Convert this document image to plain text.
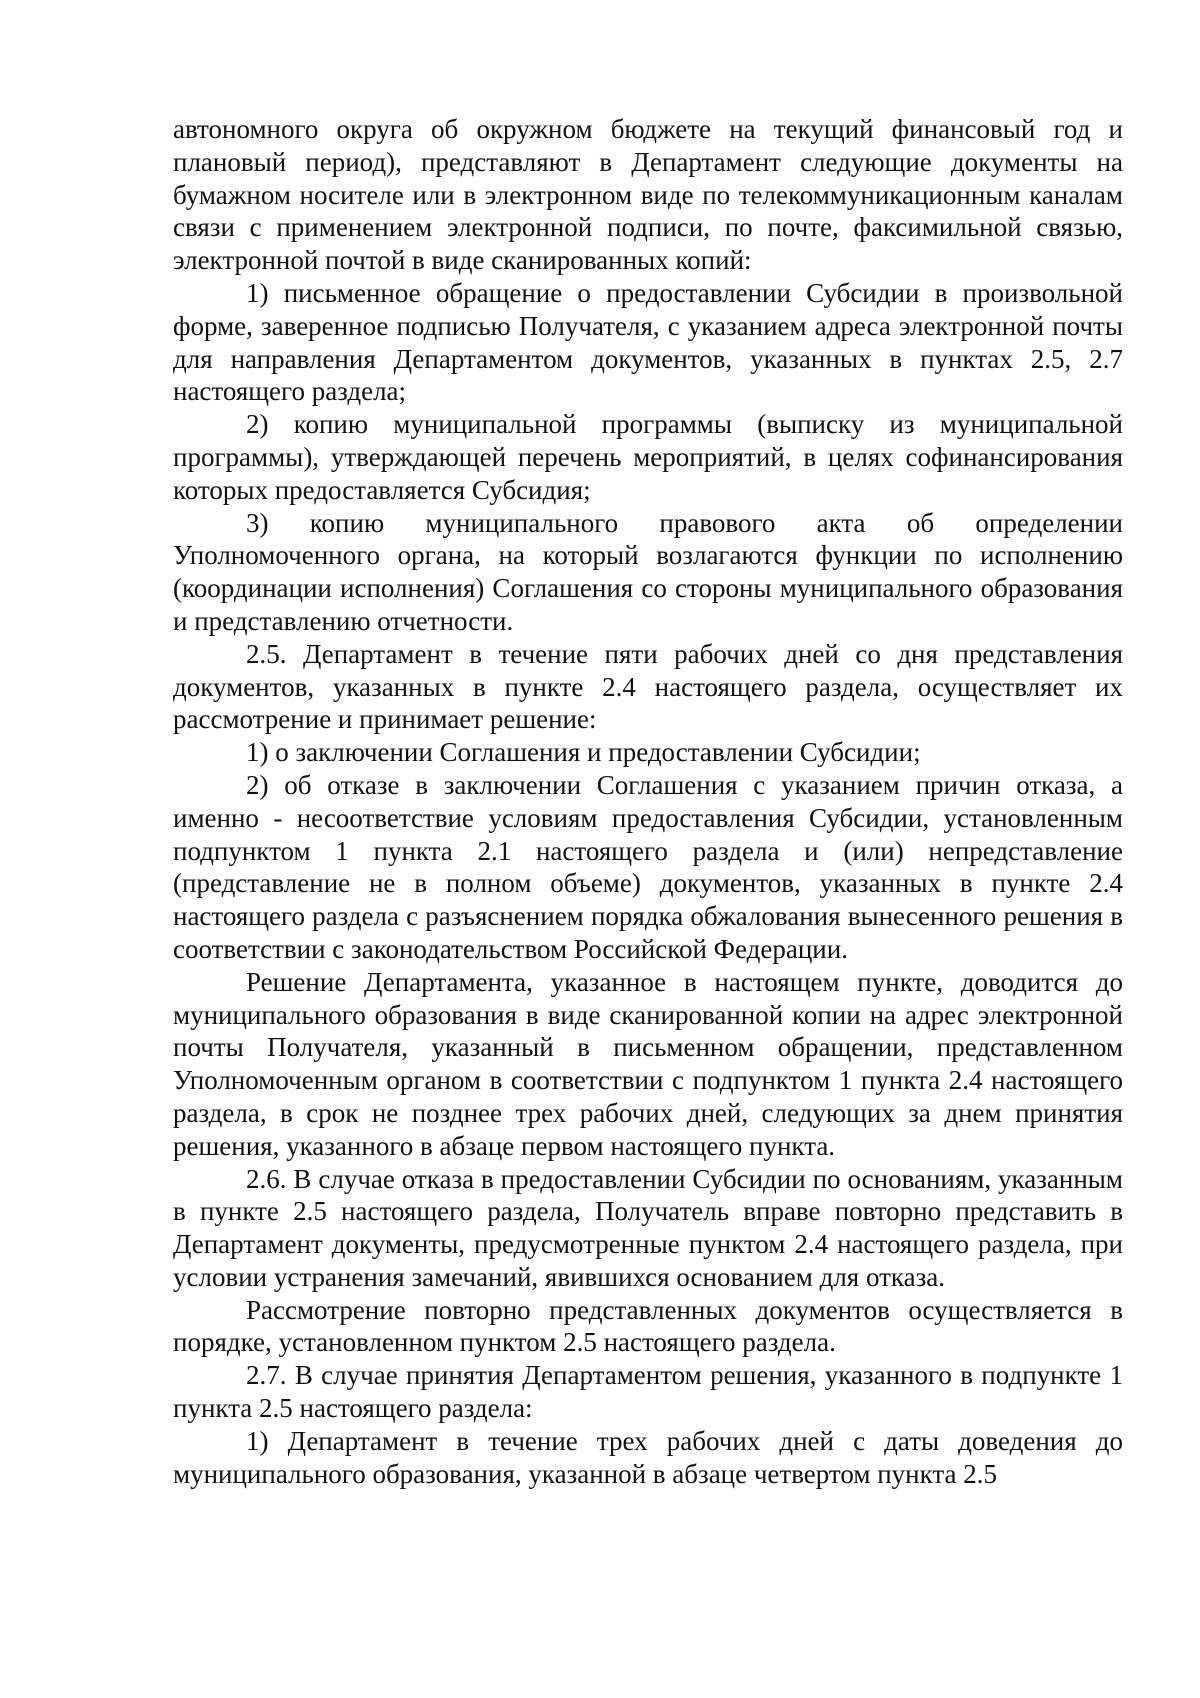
автономного округа об окружном бюджете на текущий финансовый год и плановый период), представляют в Департамент следующие документы на бумажном носителе или в электронном виде по телекоммуникационным каналам связи с применением электронной подписи, по почте, факсимильной связью, электронной почтой в виде сканированных копий:

1) письменное обращение о предоставлении Субсидии в произвольной форме, заверенное подписью Получателя, с указанием адреса электронной почты для направления Департаментом документов, указанных в пунктах 2.5, 2.7 настоящего раздела;

2) копию муниципальной программы (выписку из муниципальной программы), утверждающей перечень мероприятий, в целях софинансирования которых предоставляется Субсидия;

3) копию муниципального правового акта об определении Уполномоченного органа, на который возлагаются функции по исполнению (координации исполнения) Соглашения со стороны муниципального образования и представлению отчетности.

2.5. Департамент в течение пяти рабочих дней со дня представления документов, указанных в пункте 2.4 настоящего раздела, осуществляет их рассмотрение и принимает решение:

1) о заключении Соглашения и предоставлении Субсидии;

2) об отказе в заключении Соглашения с указанием причин отказа, а именно - несоответствие условиям предоставления Субсидии, установленным подпунктом 1 пункта 2.1 настоящего раздела и (или) непредставление (представление не в полном объеме) документов, указанных в пункте 2.4 настоящего раздела с разъяснением порядка обжалования вынесенного решения в соответствии с законодательством Российской Федерации.

Решение Департамента, указанное в настоящем пункте, доводится до муниципального образования в виде сканированной копии на адрес электронной почты Получателя, указанный в письменном обращении, представленном Уполномоченным органом в соответствии с подпунктом 1 пункта 2.4 настоящего раздела, в срок не позднее трех рабочих дней, следующих за днем принятия решения, указанного в абзаце первом настоящего пункта.

2.6. В случае отказа в предоставлении Субсидии по основаниям, указанным в пункте 2.5 настоящего раздела, Получатель вправе повторно представить в Департамент документы, предусмотренные пунктом 2.4 настоящего раздела, при условии устранения замечаний, явившихся основанием для отказа.

Рассмотрение повторно представленных документов осуществляется в порядке, установленном пунктом 2.5 настоящего раздела.

2.7. В случае принятия Департаментом решения, указанного в подпункте 1 пункта 2.5 настоящего раздела:

1) Департамент в течение трех рабочих дней с даты доведения до муниципального образования, указанной в абзаце четвертом пункта 2.5
